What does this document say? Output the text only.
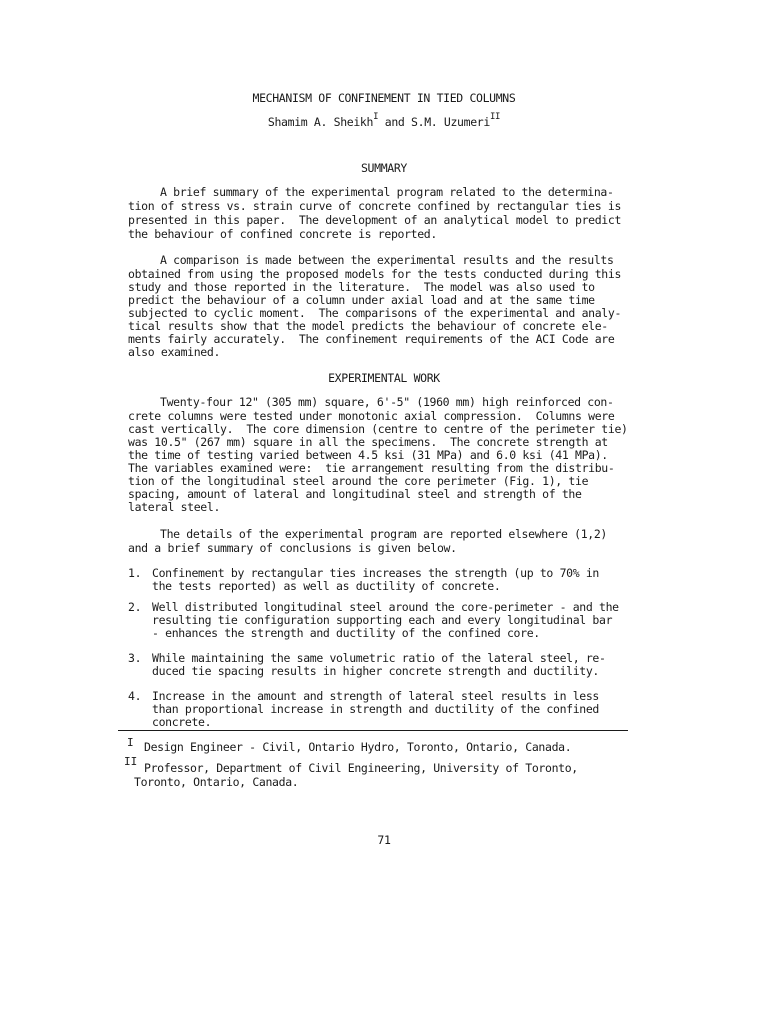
MECHANISM OF CONFINEMENT IN TIED COLUMNS
Shamim A. Sheikh$^I$ and S.M. Uzumeri$^{II}$
SUMMARY
A brief summary of the experimental program related to the determina-
tion of stress vs. strain curve of concrete confined by rectangular ties is
presented in this paper.  The development of an analytical model to predict
the behaviour of confined concrete is reported.
A comparison is made between the experimental results and the results
obtained from using the proposed models for the tests conducted during this
study and those reported in the literature.  The model was also used to
predict the behaviour of a column under axial load and at the same time
subjected to cyclic moment.  The comparisons of the experimental and analy-
tical results show that the model predicts the behaviour of concrete ele-
ments fairly accurately.  The confinement requirements of the ACI Code are
also examined.
EXPERIMENTAL WORK
Twenty-four 12" (305 mm) square, 6'-5" (1960 mm) high reinforced con-
crete columns were tested under monotonic axial compression.  Columns were
cast vertically.  The core dimension (centre to centre of the perimeter tie)
was 10.5" (267 mm) square in all the specimens.  The concrete strength at
the time of testing varied between 4.5 ksi (31 MPa) and 6.0 ksi (41 MPa).
The variables examined were:  tie arrangement resulting from the distribu-
tion of the longitudinal steel around the core perimeter (Fig. 1), tie
spacing, amount of lateral and longitudinal steel and strength of the
lateral steel.
The details of the experimental program are reported elsewhere (1,2)
and a brief summary of conclusions is given below.
1. Confinement by rectangular ties increases the strength (up to 70% in
the tests reported) as well as ductility of concrete.
2. Well distributed longitudinal steel around the core-perimeter - and the
resulting tie configuration supporting each and every longitudinal bar
- enhances the strength and ductility of the confined core.
3. While maintaining the same volumetric ratio of the lateral steel, re-
duced tie spacing results in higher concrete strength and ductility.
4. Increase in the amount and strength of lateral steel results in less
than proportional increase in strength and ductility of the confined
concrete.
I Design Engineer - Civil, Ontario Hydro, Toronto, Ontario, Canada.
II Professor, Department of Civil Engineering, University of Toronto,
Toronto, Ontario, Canada.
71
